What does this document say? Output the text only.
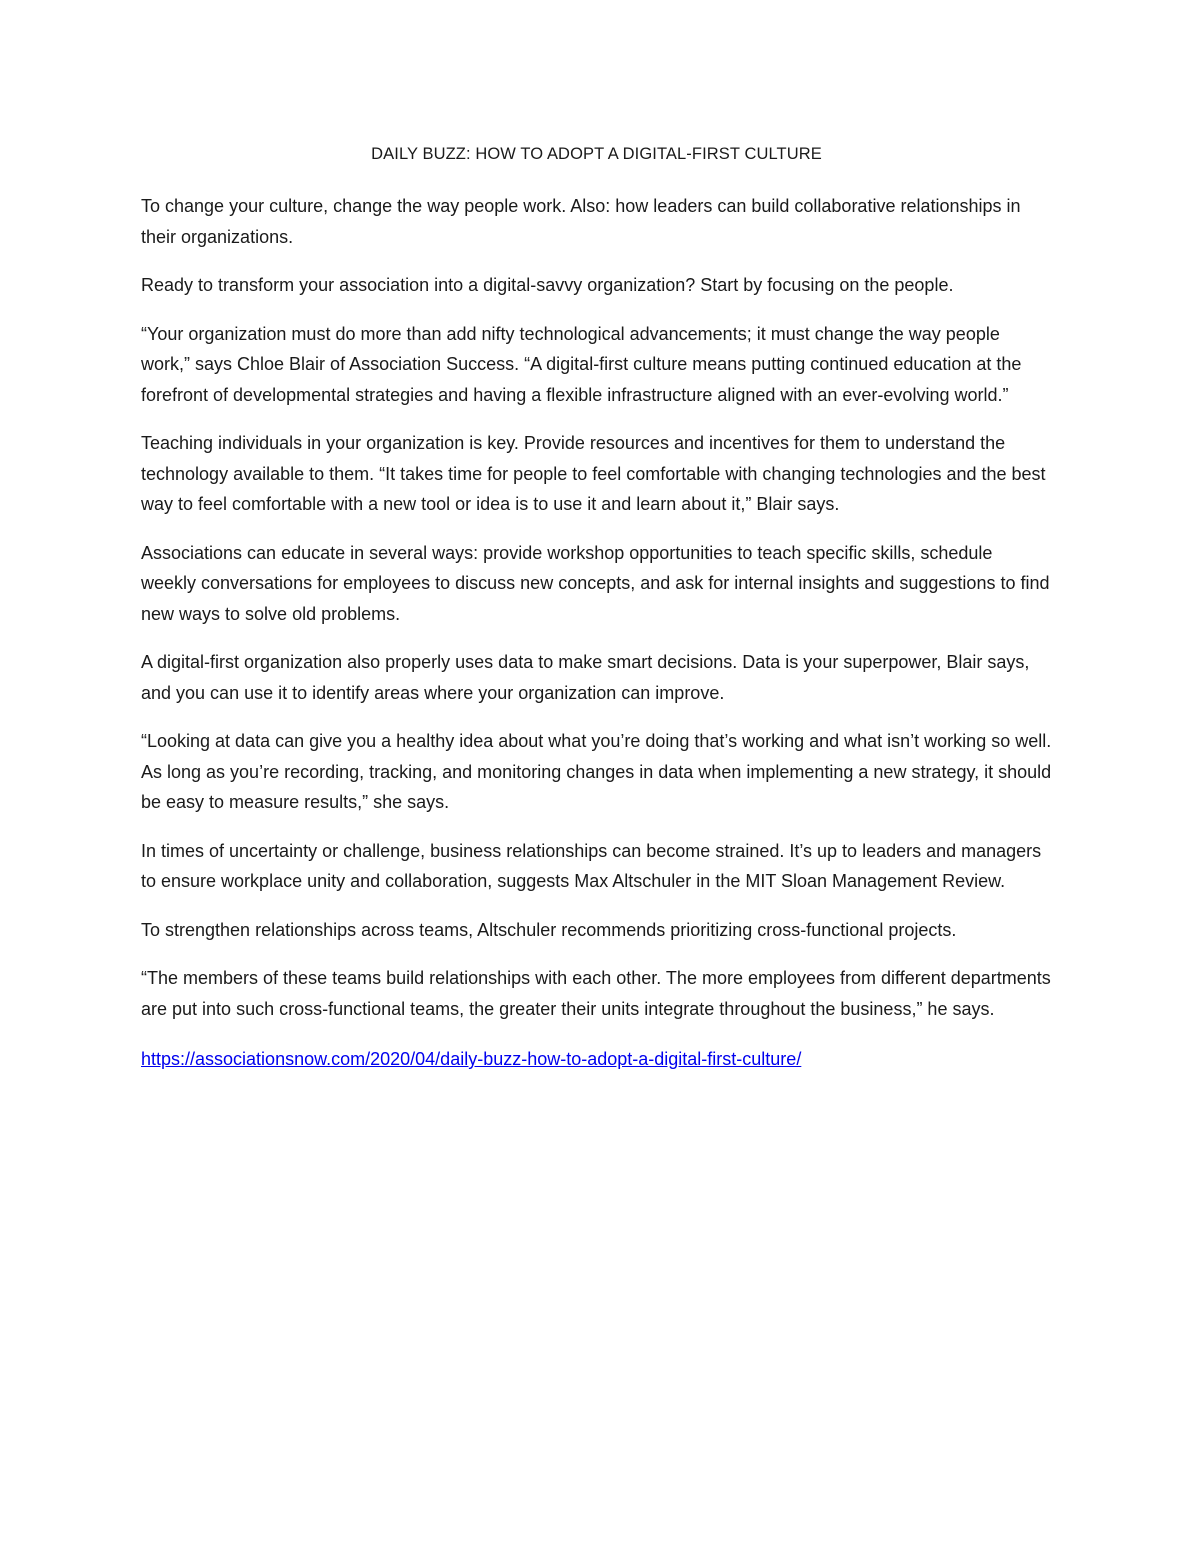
DAILY BUZZ: HOW TO ADOPT A DIGITAL-FIRST CULTURE

To change your culture, change the way people work. Also: how leaders can build collaborative relationships in their organizations.

Ready to transform your association into a digital-savvy organization? Start by focusing on the people.

“Your organization must do more than add nifty technological advancements; it must change the way people work,” says Chloe Blair of Association Success. “A digital-first culture means putting continued education at the forefront of developmental strategies and having a flexible infrastructure aligned with an ever-evolving world.”

Teaching individuals in your organization is key. Provide resources and incentives for them to understand the technology available to them. “It takes time for people to feel comfortable with changing technologies and the best way to feel comfortable with a new tool or idea is to use it and learn about it,” Blair says.

Associations can educate in several ways: provide workshop opportunities to teach specific skills, schedule weekly conversations for employees to discuss new concepts, and ask for internal insights and suggestions to find new ways to solve old problems.

A digital-first organization also properly uses data to make smart decisions. Data is your superpower, Blair says, and you can use it to identify areas where your organization can improve.

“Looking at data can give you a healthy idea about what you’re doing that’s working and what isn’t working so well. As long as you’re recording, tracking, and monitoring changes in data when implementing a new strategy, it should be easy to measure results,” she says.

In times of uncertainty or challenge, business relationships can become strained. It’s up to leaders and managers to ensure workplace unity and collaboration, suggests Max Altschuler in the MIT Sloan Management Review.

To strengthen relationships across teams, Altschuler recommends prioritizing cross-functional projects.

“The members of these teams build relationships with each other. The more employees from different departments are put into such cross-functional teams, the greater their units integrate throughout the business,” he says.

https://associationsnow.com/2020/04/daily-buzz-how-to-adopt-a-digital-first-culture/
